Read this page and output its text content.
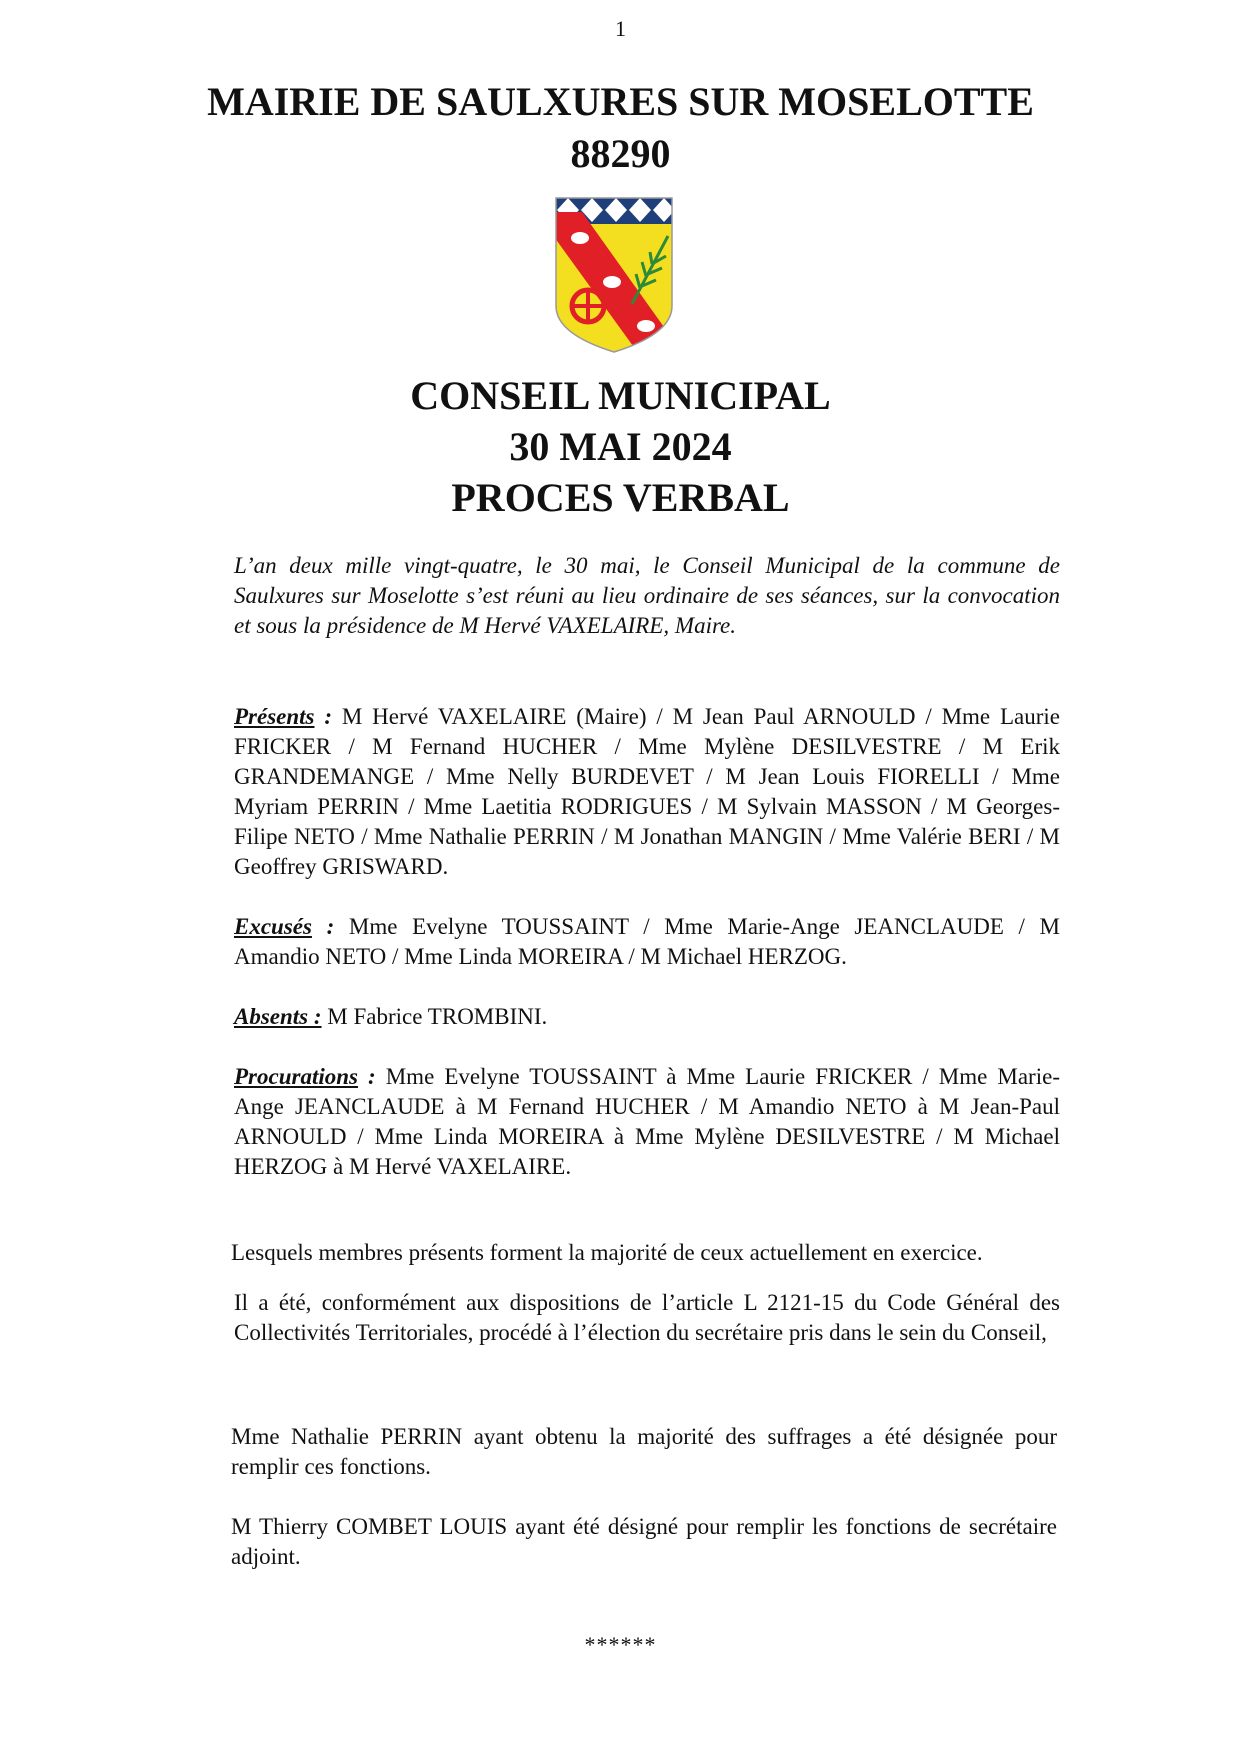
1
MAIRIE DE SAULXURES SUR MOSELOTTE
88290
CONSEIL MUNICIPAL
30 MAI 2024
PROCES VERBAL
L’an deux mille vingt-quatre, le 30 mai, le Conseil Municipal de la commune de Saulxures sur Moselotte s’est réuni au lieu ordinaire de ses séances, sur la convocation et sous la présidence de M Hervé VAXELAIRE, Maire.
Présents : M Hervé VAXELAIRE (Maire) / M Jean Paul ARNOULD / Mme Laurie FRICKER / M Fernand HUCHER / Mme Mylène DESILVESTRE / M Erik GRANDEMANGE / Mme Nelly BURDEVET / M Jean Louis FIORELLI / Mme Myriam PERRIN / Mme Laetitia RODRIGUES / M Sylvain MASSON / M Georges-Filipe NETO / Mme Nathalie PERRIN / M Jonathan MANGIN / Mme Valérie BERI / M Geoffrey GRISWARD.
Excusés : Mme Evelyne TOUSSAINT / Mme Marie-Ange JEANCLAUDE / M Amandio NETO / Mme Linda MOREIRA / M Michael HERZOG.
Absents : M Fabrice TROMBINI.
Procurations : Mme Evelyne TOUSSAINT à Mme Laurie FRICKER / Mme Marie-Ange JEANCLAUDE à M Fernand HUCHER / M Amandio NETO à M Jean-Paul ARNOULD / Mme Linda MOREIRA à Mme Mylène DESILVESTRE / M Michael HERZOG à M Hervé VAXELAIRE.
Lesquels membres présents forment la majorité de ceux actuellement en exercice.
Il a été, conformément aux dispositions de l’article L 2121-15 du Code Général des Collectivités Territoriales, procédé à l’élection du secrétaire pris dans le sein du Conseil,
Mme Nathalie PERRIN ayant obtenu la majorité des suffrages a été désignée pour remplir ces fonctions.
M Thierry COMBET LOUIS ayant été désigné pour remplir les fonctions de secrétaire adjoint.
******
